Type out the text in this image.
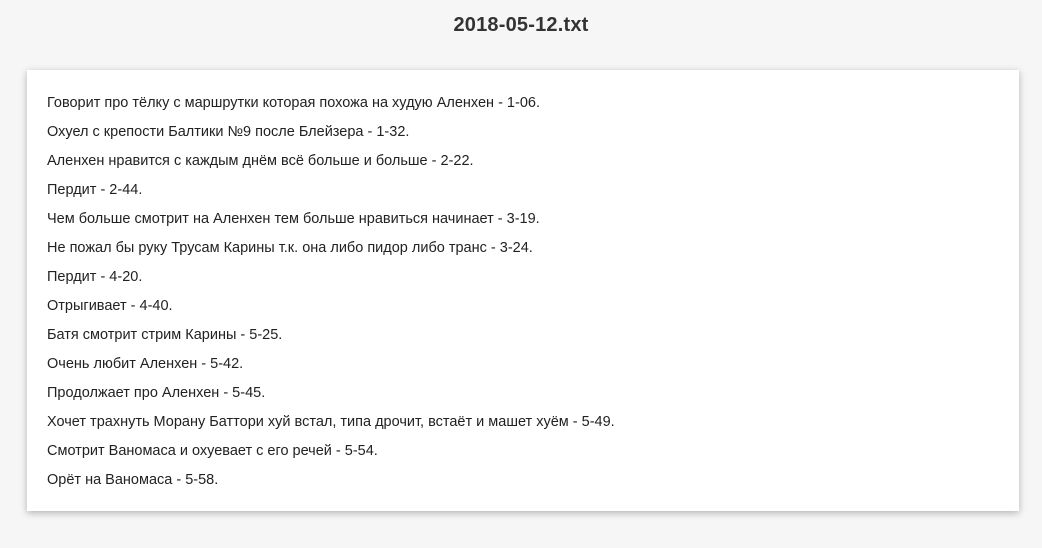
2018-05-12.txt
Говорит про тёлку с маршрутки которая похожа на худую Аленхен - 1-06.
Охуел с крепости Балтики №9 после Блейзера - 1-32.
Аленхен нравится с каждым днём всё больше и больше - 2-22.
Пердит - 2-44.
Чем больше смотрит на Аленхен тем больше нравиться начинает - 3-19.
Не пожал бы руку Трусам Карины т.к. она либо пидор либо транс - 3-24.
Пердит - 4-20.
Отрыгивает - 4-40.
Батя смотрит стрим Карины - 5-25.
Очень любит Аленхен - 5-42.
Продолжает про Аленхен - 5-45.
Хочет трахнуть Морану Баттори хуй встал, типа дрочит, встаёт и машет хуём - 5-49.
Смотрит Ваномаса и охуевает с его речей - 5-54.
Орёт на Ваномаса - 5-58.
